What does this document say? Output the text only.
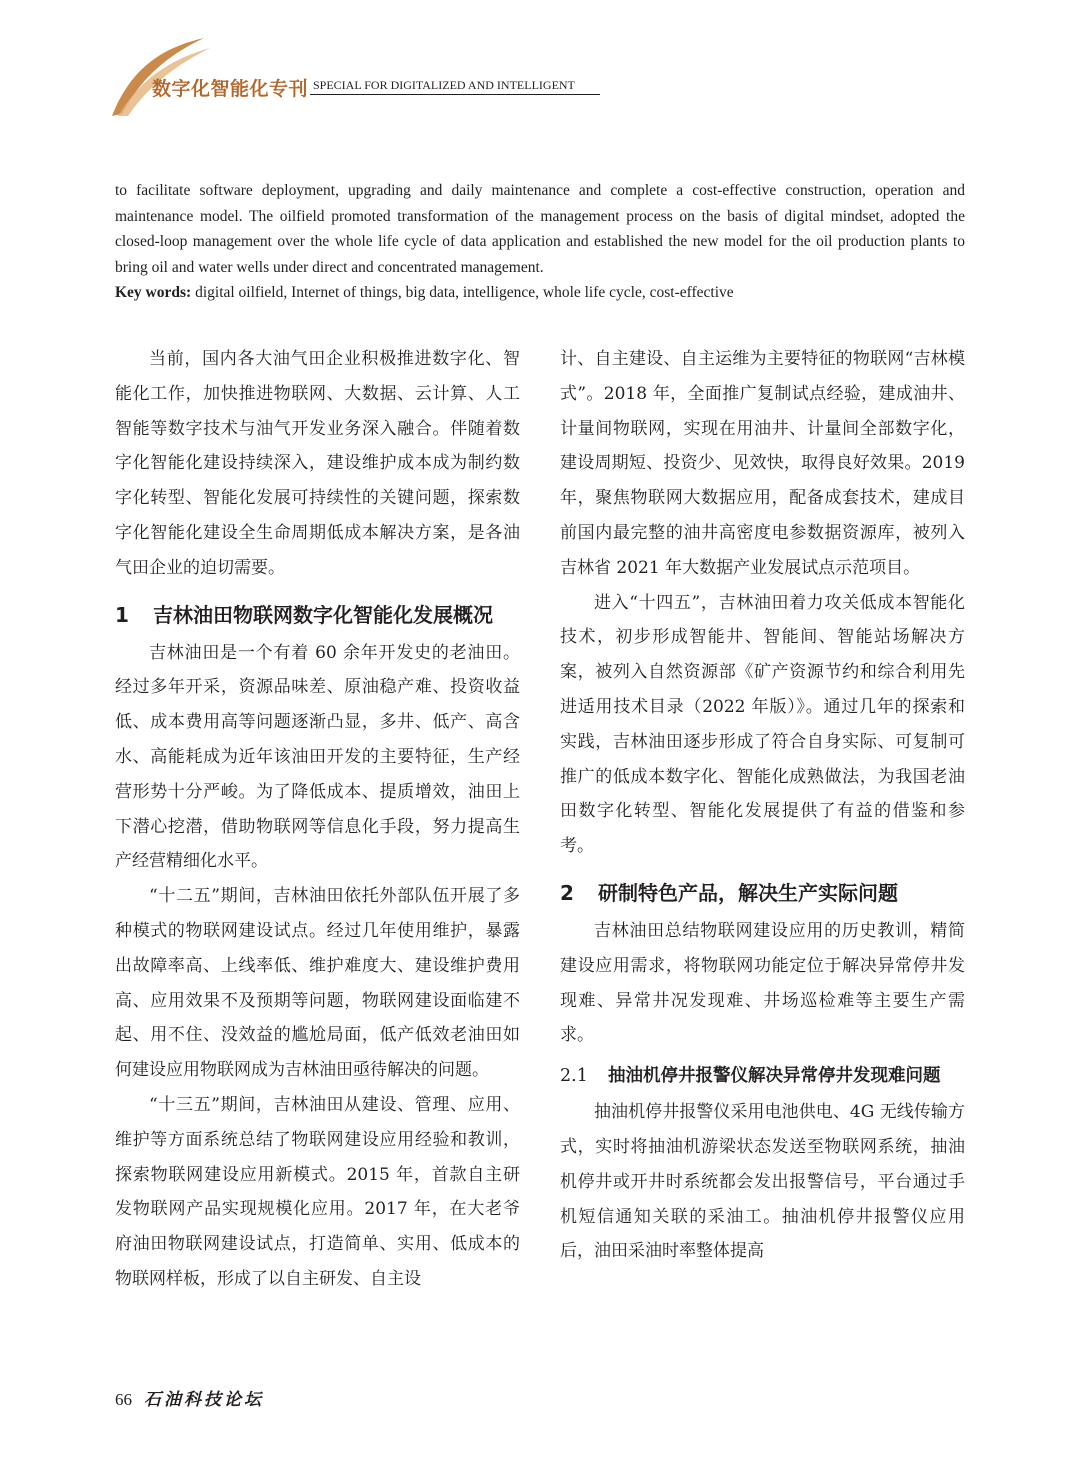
数字化智能化专刊 SPECIAL FOR DIGITALIZED AND INTELLIGENT

to facilitate software deployment, upgrading and daily maintenance and complete a cost-effective construction, operation and maintenance model. The oilfield promoted transformation of the management process on the basis of digital mindset, adopted the closed-loop management over the whole life cycle of data application and established the new model for the oil production plants to bring oil and water wells under direct and concentrated management.

Key words: digital oilfield, Internet of things, big data, intelligence, whole life cycle, cost-effective

当前，国内各大油气田企业积极推进数字化、智能化工作，加快推进物联网、大数据、云计算、人工智能等数字技术与油气开发业务深入融合。伴随着数字化智能化建设持续深入，建设维护成本成为制约数字化转型、智能化发展可持续性的关键问题，探索数字化智能化建设全生命周期低成本解决方案，是各油气田企业的迫切需要。

1	吉林油田物联网数字化智能化发展概况

吉林油田是一个有着 60 余年开发史的老油田。经过多年开采，资源品味差、原油稳产难、投资收益低、成本费用高等问题逐渐凸显，多井、低产、高含水、高能耗成为近年该油田开发的主要特征，生产经营形势十分严峻。为了降低成本、提质增效，油田上下潜心挖潜，借助物联网等信息化手段，努力提高生产经营精细化水平。

“十二五”期间，吉林油田依托外部队伍开展了多种模式的物联网建设试点。经过几年使用维护，暴露出故障率高、上线率低、维护难度大、建设维护费用高、应用效果不及预期等问题，物联网建设面临建不起、用不住、没效益的尴尬局面，低产低效老油田如何建设应用物联网成为吉林油田亟待解决的问题。

“十三五”期间，吉林油田从建设、管理、应用、维护等方面系统总结了物联网建设应用经验和教训，探索物联网建设应用新模式。2015 年，首款自主研发物联网产品实现规模化应用。2017 年，在大老爷府油田物联网建设试点，打造简单、实用、低成本的物联网样板，形成了以自主研发、自主设

计、自主建设、自主运维为主要特征的物联网“吉林模式”。2018 年，全面推广复制试点经验，建成油井、计量间物联网，实现在用油井、计量间全部数字化，建设周期短、投资少、见效快，取得良好效果。2019 年，聚焦物联网大数据应用，配备成套技术，建成目前国内最完整的油井高密度电参数据资源库，被列入吉林省 2021 年大数据产业发展试点示范项目。

进入“十四五”，吉林油田着力攻关低成本智能化技术，初步形成智能井、智能间、智能站场解决方案，被列入自然资源部《矿产资源节约和综合利用先进适用技术目录（2022 年版）》。通过几年的探索和实践，吉林油田逐步形成了符合自身实际、可复制可推广的低成本数字化、智能化成熟做法，为我国老油田数字化转型、智能化发展提供了有益的借鉴和参考。

2	研制特色产品，解决生产实际问题

吉林油田总结物联网建设应用的历史教训，精简建设应用需求，将物联网功能定位于解决异常停井发现难、异常井况发现难、井场巡检难等主要生产需求。

2.1	抽油机停井报警仪解决异常停井发现难问题

抽油机停井报警仪采用电池供电、4G 无线传输方式，实时将抽油机游梁状态发送至物联网系统，抽油机停井或开井时系统都会发出报警信号，平台通过手机短信通知关联的采油工。抽油机停井报警仪应用后，油田采油时率整体提高

66 石油科技论坛
